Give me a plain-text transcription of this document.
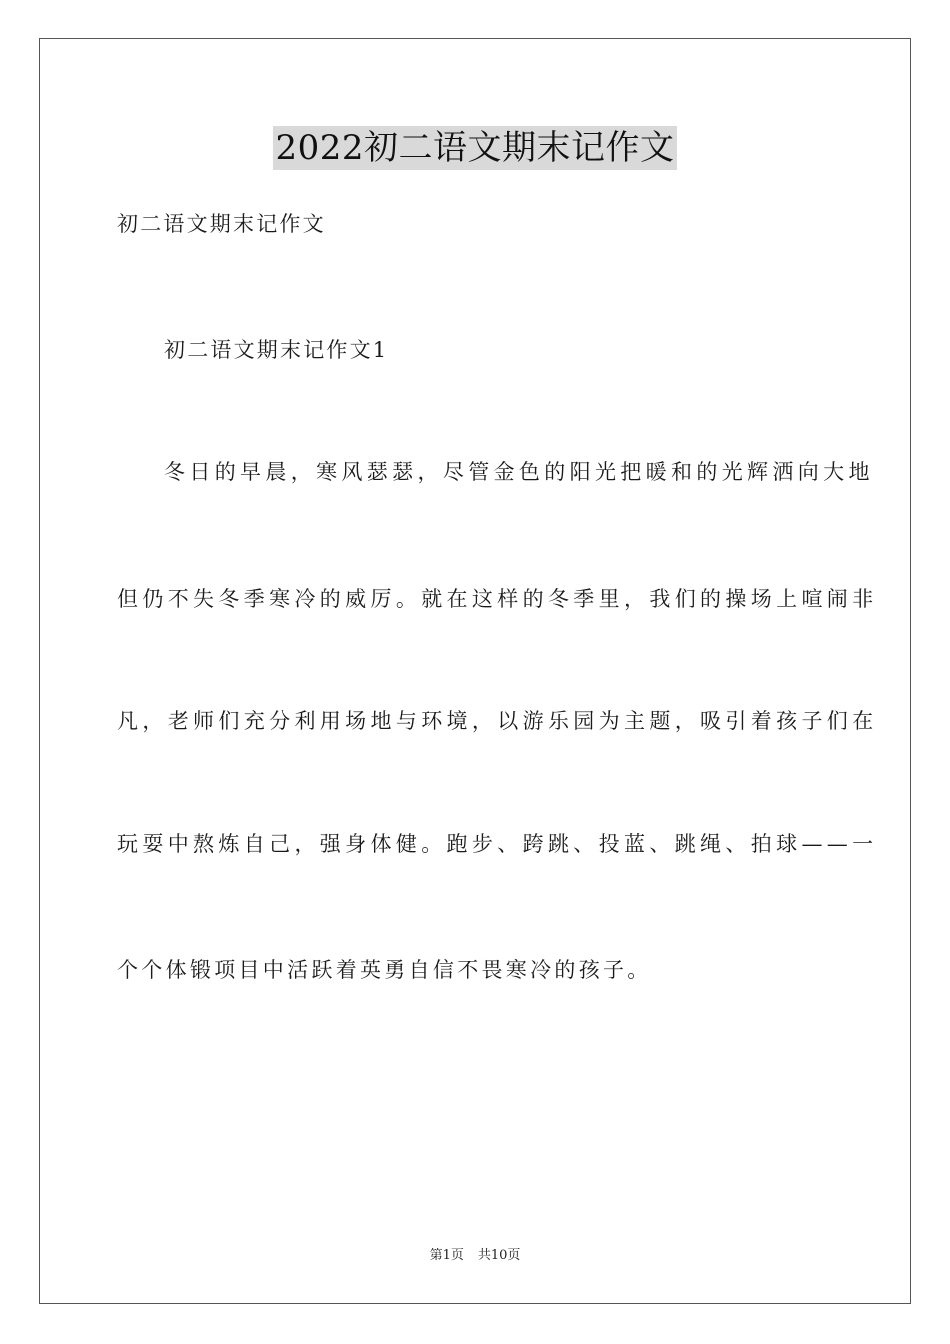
2022初二语文期末记作文
初二语文期末记作文
初二语文期末记作文1
冬日的早晨，寒风瑟瑟，尽管金色的阳光把暖和的光辉洒向大地
但仍不失冬季寒冷的威厉。就在这样的冬季里，我们的操场上喧闹非
凡，老师们充分利用场地与环境，以游乐园为主题，吸引着孩子们在
玩耍中熬炼自己，强身体健。跑步、跨跳、投蓝、跳绳、拍球——一
个个体锻项目中活跃着英勇自信不畏寒冷的孩子。
第1页 共10页
